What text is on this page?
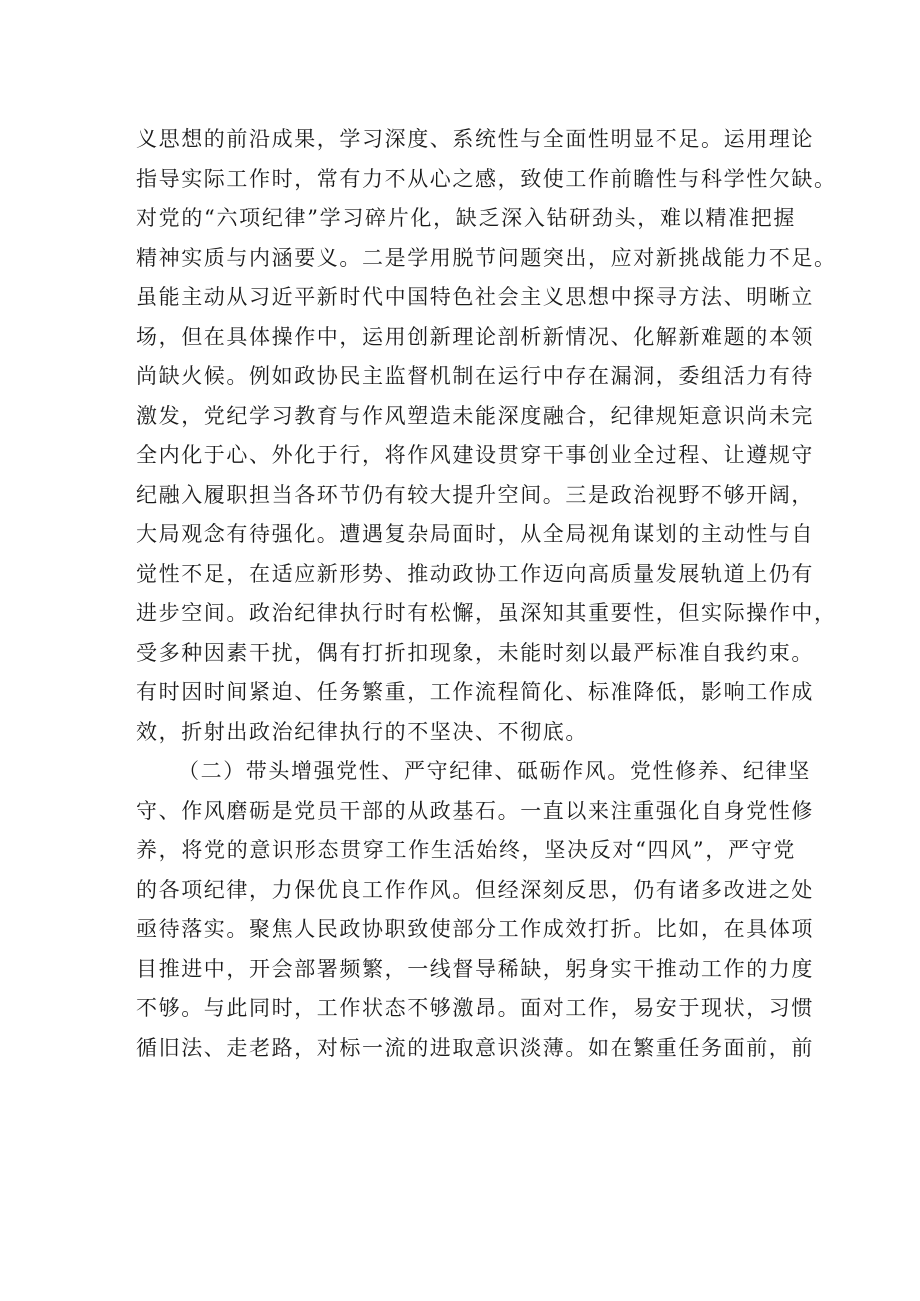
义思想的前沿成果，学习深度、系统性与全面性明显不足。运用理论
指导实际工作时，常有力不从心之感，致使工作前瞻性与科学性欠缺。
对党的“六项纪律”学习碎片化，缺乏深入钻研劲头，难以精准把握
精神实质与内涵要义。二是学用脱节问题突出，应对新挑战能力不足。
虽能主动从习近平新时代中国特色社会主义思想中探寻方法、明晰立
场，但在具体操作中，运用创新理论剖析新情况、化解新难题的本领
尚缺火候。例如政协民主监督机制在运行中存在漏洞，委组活力有待
激发，党纪学习教育与作风塑造未能深度融合，纪律规矩意识尚未完
全内化于心、外化于行，将作风建设贯穿干事创业全过程、让遵规守
纪融入履职担当各环节仍有较大提升空间。三是政治视野不够开阔，
大局观念有待强化。遭遇复杂局面时，从全局视角谋划的主动性与自
觉性不足，在适应新形势、推动政协工作迈向高质量发展轨道上仍有
进步空间。政治纪律执行时有松懈，虽深知其重要性，但实际操作中，
受多种因素干扰，偶有打折扣现象，未能时刻以最严标准自我约束。
有时因时间紧迫、任务繁重，工作流程简化、标准降低，影响工作成
效，折射出政治纪律执行的不坚决、不彻底。
（二）带头增强党性、严守纪律、砥砺作风。党性修养、纪律坚
守、作风磨砺是党员干部的从政基石。一直以来注重强化自身党性修
养，将党的意识形态贯穿工作生活始终，坚决反对“四风”，严守党
的各项纪律，力保优良工作作风。但经深刻反思，仍有诸多改进之处
亟待落实。聚焦人民政协职致使部分工作成效打折。比如，在具体项
目推进中，开会部署频繁，一线督导稀缺，躬身实干推动工作的力度
不够。与此同时，工作状态不够激昂。面对工作，易安于现状，习惯
循旧法、走老路，对标一流的进取意识淡薄。如在繁重任务面前，前
